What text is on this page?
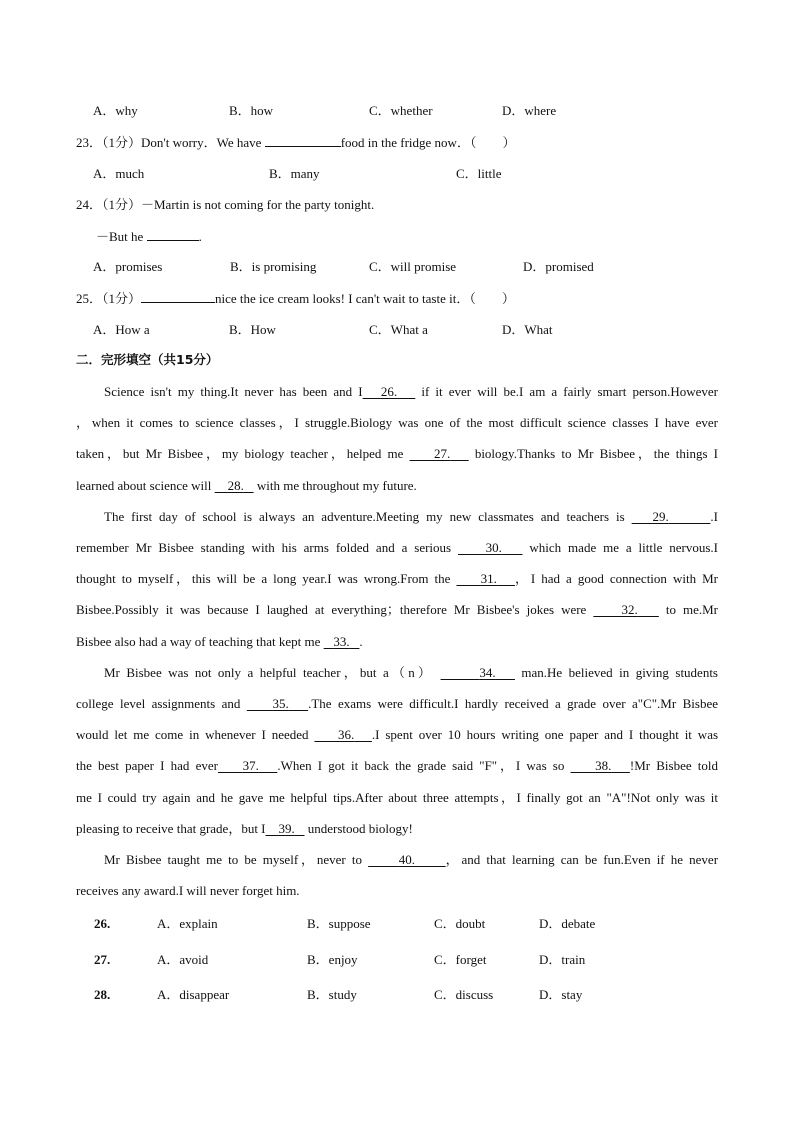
A．why	B．how	C．whether	D．where
23．（1分）Don't worry．We have	food in the fridge now．（　　）
A．much	B．many	C．little
24．（1分）－Martin is not coming for the party tonight.
－But he	.
A．promises	B．is promising	C．will promise	D．promised
25．（1分）	nice the ice cream looks! I can't wait to taste it．（　　）
A．How a	B．How	C．What a	D．What
二．完形填空（共15分）
Science isn't my thing.It never has been and I 26.    if it ever will be.I am a fairly smart person.However
，when it comes to science classes，I struggle.Biology was one of the most difficult science classes I have ever
taken，but Mr Bisbee，my biology teacher，helped me     27.    biology.Thanks to Mr Bisbee，the things I
learned about science will     28.    with me throughout my future.
The first day of school is always an adventure.Meeting my new classmates and teachers is    29.	.I
remember Mr Bisbee standing with his arms folded and a serious     30.    which made me a little nervous.I
thought to myself，this will be a long year.I was wrong.From the     31. ，I had a good connection with Mr
Bisbee.Possibly it was because I laughed at everything；therefore Mr Bisbee's jokes were     32.    to me.Mr
Bisbee also had a way of teaching that kept me    33. .
Mr Bisbee was not only a helpful teacher，but a（n）	34.    man.He believed in giving students
college level assignments and     35. .The exams were difficult.I hardly received a grade over a"C".Mr Bisbee
would let me come in whenever I needed     36. .I spent over 10 hours writing one paper and I thought it was
the best paper I had ever 37. .When I got it back the grade said "F"，I was so     38. !Mr Bisbee told
me I could try again and he gave me helpful tips.After about three attempts，I finally got an "A"!Not only was it
pleasing to receive that grade，but I 39.    understood biology!
Mr Bisbee taught me to be myself，never to      40. ，and that learning can be fun.Even if he never
receives any award.I will never forget him.
26.	A．explain	B．suppose	C．doubt	D．debate
27.	A．avoid	B．enjoy	C．forget	D．train
28.	A．disappear	B．study	C．discuss	D．stay
